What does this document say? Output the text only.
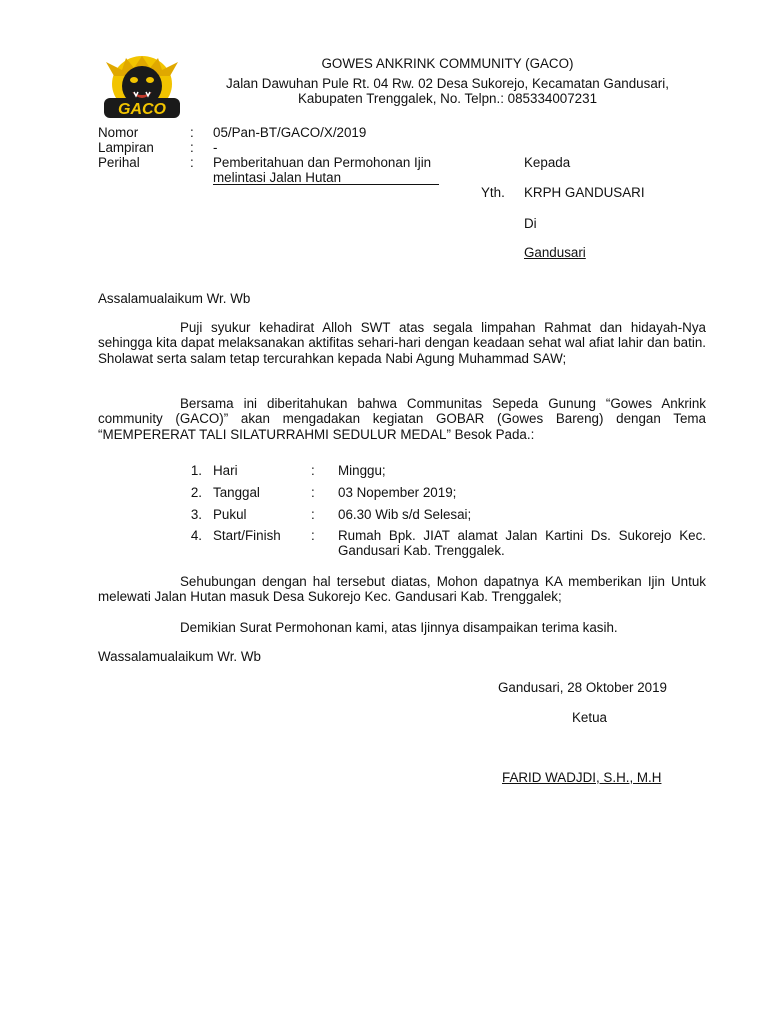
GACO
GOWES ANKRINK COMMUNITY (GACO)
Jalan Dawuhan Pule Rt. 04 Rw. 02 Desa Sukorejo, Kecamatan Gandusari,
Kabupaten Trenggalek, No. Telpn.: 085334007231
Nomor	: 05/Pan-BT/GACO/X/2019
Lampiran	: -
Perihal	: Pemberitahuan dan Permohonan Ijin
melintasi Jalan Hutan
Kepada
Yth. KRPH GANDUSARI
Di
Gandusari
Assalamualaikum Wr. Wb
Puji syukur kehadirat Alloh SWT atas segala limpahan Rahmat dan hidayah-Nya sehingga kita dapat melaksanakan aktifitas sehari-hari dengan keadaan sehat wal afiat lahir dan batin. Sholawat serta salam tetap tercurahkan kepada Nabi Agung Muhammad SAW;
Bersama ini diberitahukan bahwa Communitas Sepeda Gunung “Gowes Ankrink community (GACO)” akan mengadakan kegiatan GOBAR (Gowes Bareng) dengan Tema “MEMPERERAT TALI SILATURRAHMI SEDULUR MEDAL” Besok Pada.:
1. Hari	: Minggu;
2. Tanggal	: 03 Nopember 2019;
3. Pukul	: 06.30 Wib s/d Selesai;
4. Start/Finish : Rumah Bpk. JIAT alamat Jalan Kartini Ds. Sukorejo Kec. Gandusari Kab. Trenggalek.
Sehubungan dengan hal tersebut diatas, Mohon dapatnya KA memberikan Ijin Untuk melewati Jalan Hutan masuk Desa Sukorejo Kec. Gandusari Kab. Trenggalek;
Demikian Surat Permohonan kami, atas Ijinnya disampaikan terima kasih.
Wassalamualaikum Wr. Wb
Gandusari, 28 Oktober 2019
Ketua
FARID WADJDI, S.H., M.H
